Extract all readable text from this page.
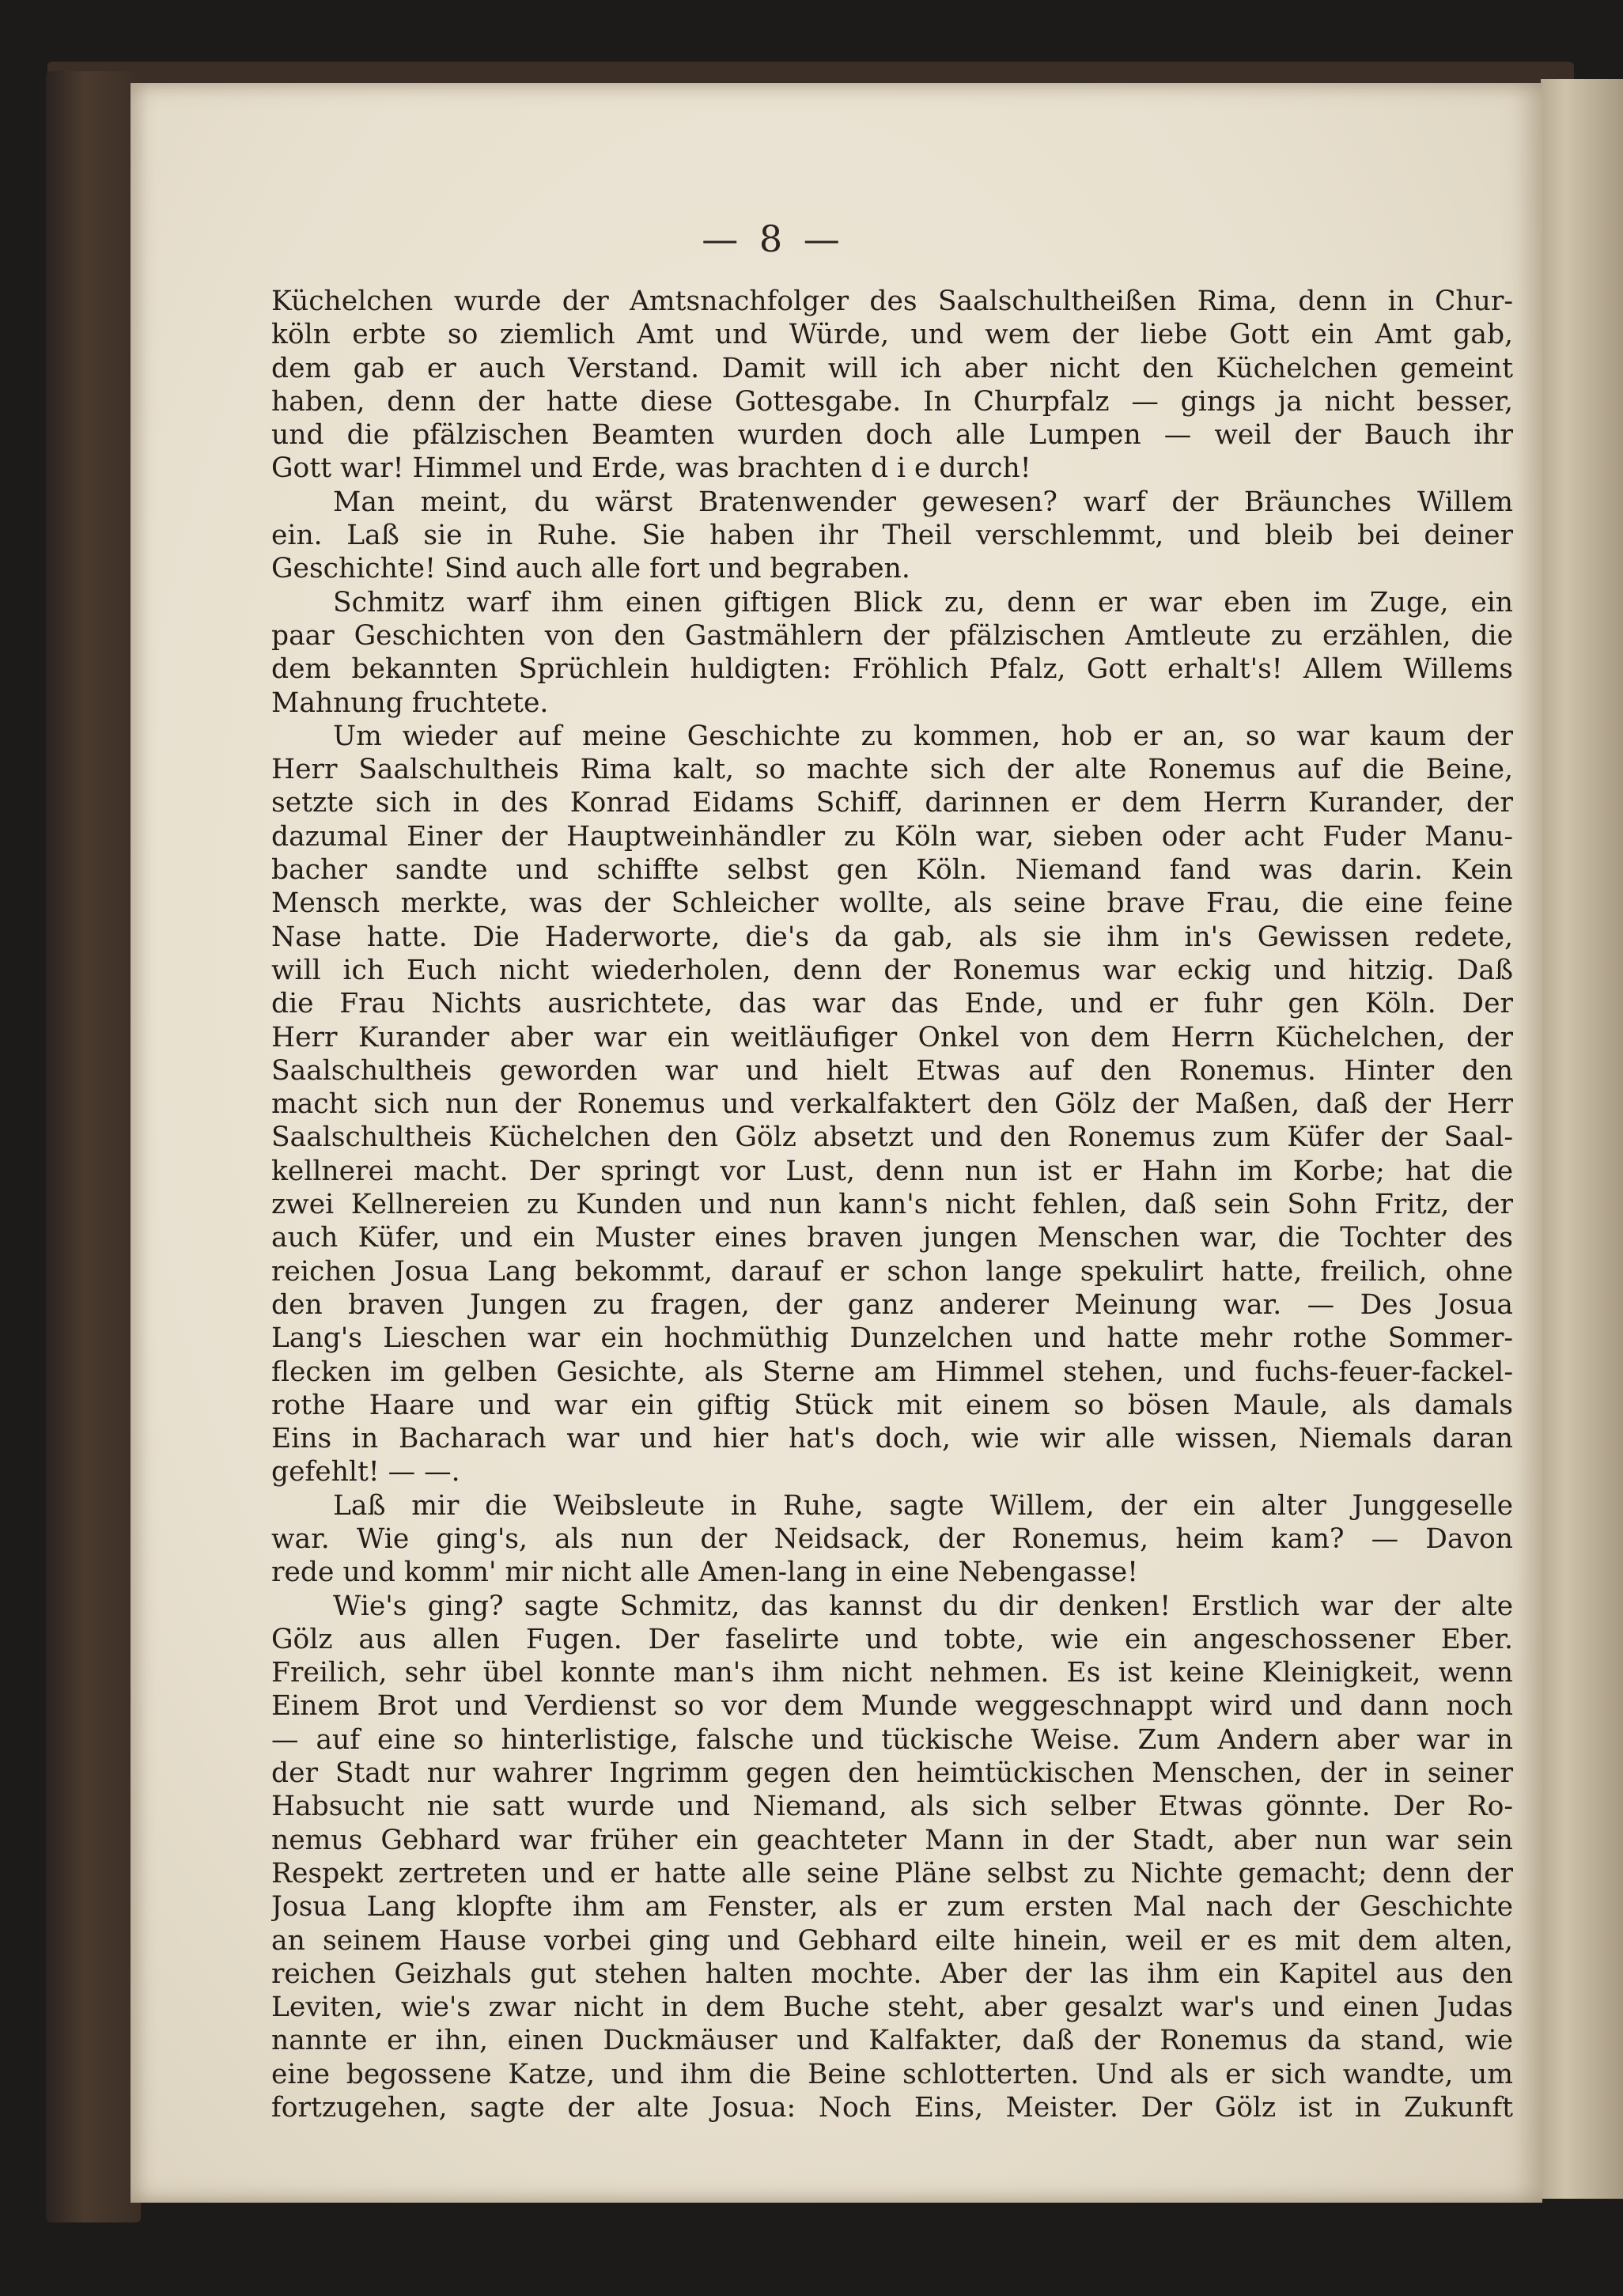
— 8 —
Küchelchen wurde der Amtsnachfolger des Saalschultheißen Rima, denn in Chur-
köln erbte so ziemlich Amt und Würde, und wem der liebe Gott ein Amt gab,
dem gab er auch Verstand. Damit will ich aber nicht den Küchelchen gemeint
haben, denn der hatte diese Gottesgabe. In Churpfalz — gings ja nicht besser,
und die pfälzischen Beamten wurden doch alle Lumpen — weil der Bauch ihr
Gott war! Himmel und Erde, was brachten d i e durch!
Man meint, du wärst Bratenwender gewesen? warf der Bräunches Willem
ein. Laß sie in Ruhe. Sie haben ihr Theil verschlemmt, und bleib bei deiner
Geschichte! Sind auch alle fort und begraben.
Schmitz warf ihm einen giftigen Blick zu, denn er war eben im Zuge, ein
paar Geschichten von den Gastmählern der pfälzischen Amtleute zu erzählen, die
dem bekannten Sprüchlein huldigten: Fröhlich Pfalz, Gott erhalt's! Allem Willems
Mahnung fruchtete.
Um wieder auf meine Geschichte zu kommen, hob er an, so war kaum der
Herr Saalschultheis Rima kalt, so machte sich der alte Ronemus auf die Beine,
setzte sich in des Konrad Eidams Schiff, darinnen er dem Herrn Kurander, der
dazumal Einer der Hauptweinhändler zu Köln war, sieben oder acht Fuder Manu-
bacher sandte und schiffte selbst gen Köln. Niemand fand was darin. Kein
Mensch merkte, was der Schleicher wollte, als seine brave Frau, die eine feine
Nase hatte. Die Haderworte, die's da gab, als sie ihm in's Gewissen redete,
will ich Euch nicht wiederholen, denn der Ronemus war eckig und hitzig. Daß
die Frau Nichts ausrichtete, das war das Ende, und er fuhr gen Köln. Der
Herr Kurander aber war ein weitläufiger Onkel von dem Herrn Küchelchen, der
Saalschultheis geworden war und hielt Etwas auf den Ronemus. Hinter den
macht sich nun der Ronemus und verkalfaktert den Gölz der Maßen, daß der Herr
Saalschultheis Küchelchen den Gölz absetzt und den Ronemus zum Küfer der Saal-
kellnerei macht. Der springt vor Lust, denn nun ist er Hahn im Korbe; hat die
zwei Kellnereien zu Kunden und nun kann's nicht fehlen, daß sein Sohn Fritz, der
auch Küfer, und ein Muster eines braven jungen Menschen war, die Tochter des
reichen Josua Lang bekommt, darauf er schon lange spekulirt hatte, freilich, ohne
den braven Jungen zu fragen, der ganz anderer Meinung war. — Des Josua
Lang's Lieschen war ein hochmüthig Dunzelchen und hatte mehr rothe Sommer-
flecken im gelben Gesichte, als Sterne am Himmel stehen, und fuchs-feuer-fackel-
rothe Haare und war ein giftig Stück mit einem so bösen Maule, als damals
Eins in Bacharach war und hier hat's doch, wie wir alle wissen, Niemals daran
gefehlt! — —.
Laß mir die Weibsleute in Ruhe, sagte Willem, der ein alter Junggeselle
war. Wie ging's, als nun der Neidsack, der Ronemus, heim kam? — Davon
rede und komm' mir nicht alle Amen-lang in eine Nebengasse!
Wie's ging? sagte Schmitz, das kannst du dir denken! Erstlich war der alte
Gölz aus allen Fugen. Der faselirte und tobte, wie ein angeschossener Eber.
Freilich, sehr übel konnte man's ihm nicht nehmen. Es ist keine Kleinigkeit, wenn
Einem Brot und Verdienst so vor dem Munde weggeschnappt wird und dann noch
— auf eine so hinterlistige, falsche und tückische Weise. Zum Andern aber war in
der Stadt nur wahrer Ingrimm gegen den heimtückischen Menschen, der in seiner
Habsucht nie satt wurde und Niemand, als sich selber Etwas gönnte. Der Ro-
nemus Gebhard war früher ein geachteter Mann in der Stadt, aber nun war sein
Respekt zertreten und er hatte alle seine Pläne selbst zu Nichte gemacht; denn der
Josua Lang klopfte ihm am Fenster, als er zum ersten Mal nach der Geschichte
an seinem Hause vorbei ging und Gebhard eilte hinein, weil er es mit dem alten,
reichen Geizhals gut stehen halten mochte. Aber der las ihm ein Kapitel aus den
Leviten, wie's zwar nicht in dem Buche steht, aber gesalzt war's und einen Judas
nannte er ihn, einen Duckmäuser und Kalfakter, daß der Ronemus da stand, wie
eine begossene Katze, und ihm die Beine schlotterten. Und als er sich wandte, um
fortzugehen, sagte der alte Josua: Noch Eins, Meister. Der Gölz ist in Zukunft
